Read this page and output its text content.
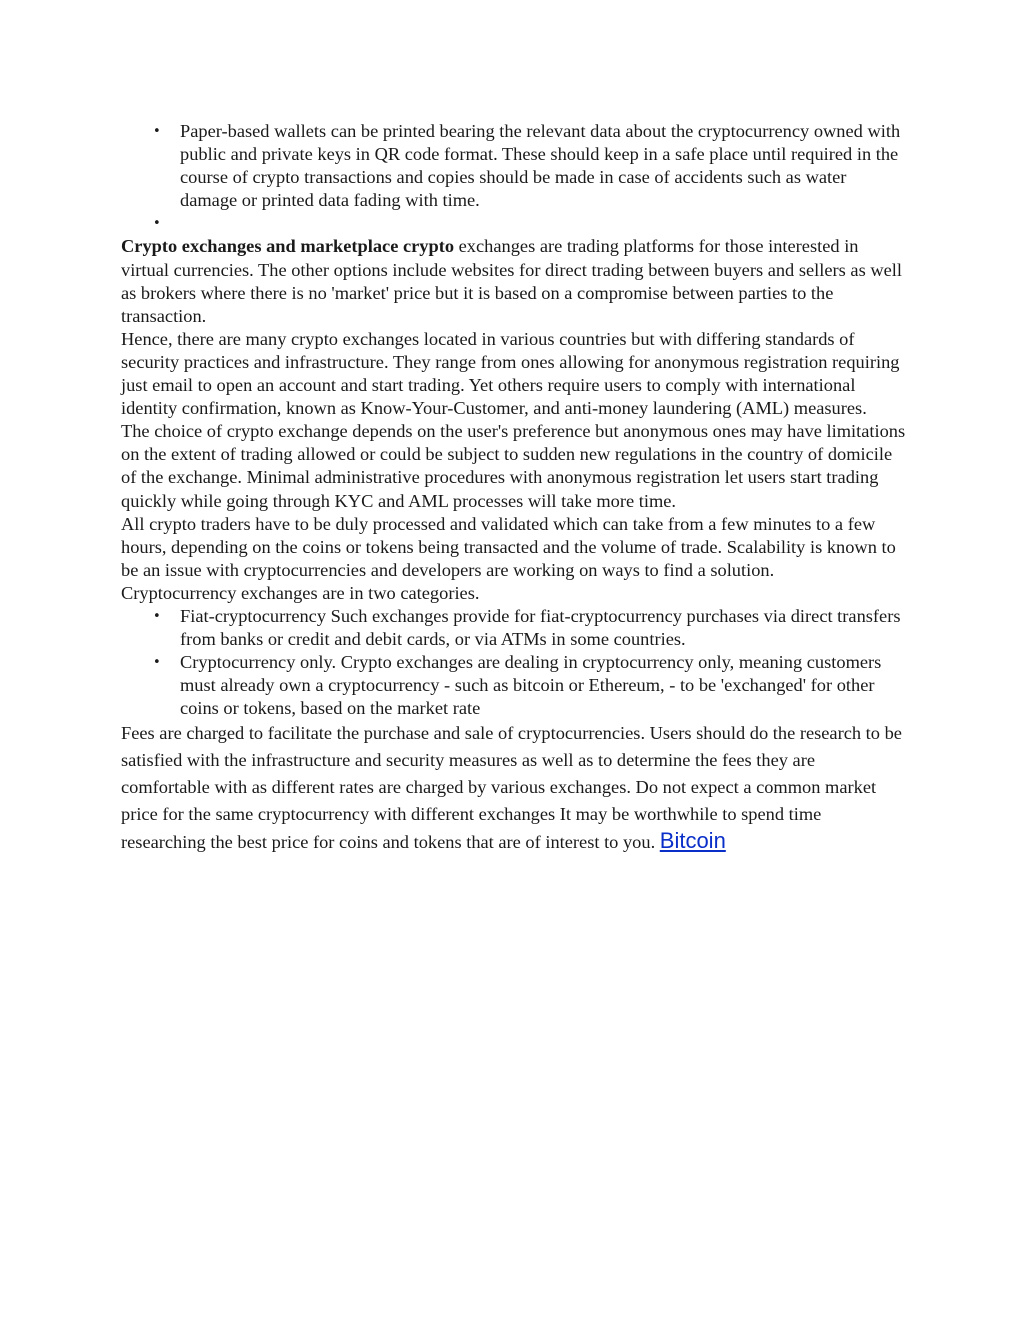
• Paper-based wallets can be printed bearing the relevant data about the cryptocurrency owned with public and private keys in QR code format. These should keep in a safe place until required in the course of crypto transactions and copies should be made in case of accidents such as water damage or printed data fading with time.
•

Crypto exchanges and marketplace crypto exchanges are trading platforms for those interested in virtual currencies. The other options include websites for direct trading between buyers and sellers as well as brokers where there is no 'market' price but it is based on a compromise between parties to the transaction.

Hence, there are many crypto exchanges located in various countries but with differing standards of security practices and infrastructure. They range from ones allowing for anonymous registration requiring just email to open an account and start trading. Yet others require users to comply with international identity confirmation, known as Know-Your-Customer, and anti-money laundering (AML) measures.

The choice of crypto exchange depends on the user's preference but anonymous ones may have limitations on the extent of trading allowed or could be subject to sudden new regulations in the country of domicile of the exchange. Minimal administrative procedures with anonymous registration let users start trading quickly while going through KYC and AML processes will take more time.

All crypto traders have to be duly processed and validated which can take from a few minutes to a few hours, depending on the coins or tokens being transacted and the volume of trade. Scalability is known to be an issue with cryptocurrencies and developers are working on ways to find a solution.

Cryptocurrency exchanges are in two categories.

• Fiat-cryptocurrency Such exchanges provide for fiat-cryptocurrency purchases via direct transfers from banks or credit and debit cards, or via ATMs in some countries.
• Cryptocurrency only. Crypto exchanges are dealing in cryptocurrency only, meaning customers must already own a cryptocurrency - such as bitcoin or Ethereum, - to be 'exchanged' for other coins or tokens, based on the market rate

Fees are charged to facilitate the purchase and sale of cryptocurrencies. Users should do the research to be satisfied with the infrastructure and security measures as well as to determine the fees they are comfortable with as different rates are charged by various exchanges. Do not expect a common market price for the same cryptocurrency with different exchanges It may be worthwhile to spend time researching the best price for coins and tokens that are of interest to you. Bitcoin
